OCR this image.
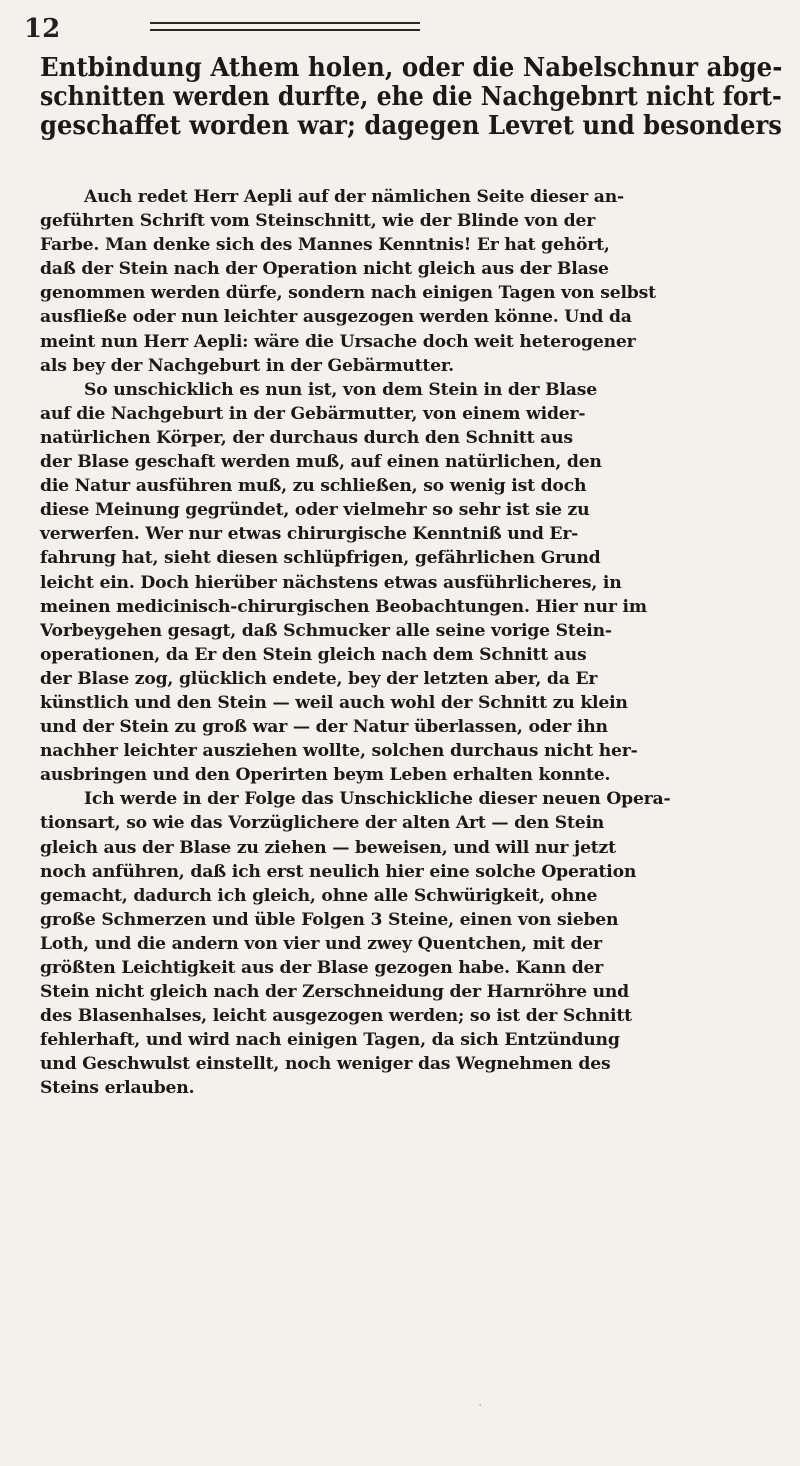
12
Entbindung Athem holen, oder die Nabelschnur abge-
schnitten werden durfte, ehe die Nachgebnrt nicht fort-
geschaffet worden war; dagegen Levret und besonders
Auch redet Herr Aepli auf der nämlichen Seite dieser an-
geführten Schrift vom Steinschnitt, wie der Blinde von der
Farbe. Man denke sich des Mannes Kenntnis! Er hat gehört,
daß der Stein nach der Operation nicht gleich aus der Blase
genommen werden dürfe, sondern nach einigen Tagen von selbst
ausfließe oder nun leichter ausgezogen werden könne. Und da
meint nun Herr Aepli: wäre die Ursache doch weit heterogener
als bey der Nachgeburt in der Gebärmutter.
So unschicklich es nun ist, von dem Stein in der Blase
auf die Nachgeburt in der Gebärmutter, von einem wider-
natürlichen Körper, der durchaus durch den Schnitt aus
der Blase geschaft werden muß, auf einen natürlichen, den
die Natur ausführen muß, zu schließen, so wenig ist doch
diese Meinung gegründet, oder vielmehr so sehr ist sie zu
verwerfen. Wer nur etwas chirurgische Kenntniß und Er-
fahrung hat, sieht diesen schlüpfrigen, gefährlichen Grund
leicht ein. Doch hierüber nächstens etwas ausführlicheres, in
meinen medicinisch-chirurgischen Beobachtungen. Hier nur im
Vorbeygehen gesagt, daß Schmucker alle seine vorige Stein-
operationen, da Er den Stein gleich nach dem Schnitt aus
der Blase zog, glücklich endete, bey der letzten aber, da Er
künstlich und den Stein — weil auch wohl der Schnitt zu klein
und der Stein zu groß war — der Natur überlassen, oder ihn
nachher leichter ausziehen wollte, solchen durchaus nicht her-
ausbringen und den Operirten beym Leben erhalten konnte.
Ich werde in der Folge das Unschickliche dieser neuen Opera-
tionsart, so wie das Vorzüglichere der alten Art — den Stein
gleich aus der Blase zu ziehen — beweisen, und will nur jetzt
noch anführen, daß ich erst neulich hier eine solche Operation
gemacht, dadurch ich gleich, ohne alle Schwürigkeit, ohne
große Schmerzen und üble Folgen 3 Steine, einen von sieben
Loth, und die andern von vier und zwey Quentchen, mit der
größten Leichtigkeit aus der Blase gezogen habe. Kann der
Stein nicht gleich nach der Zerschneidung der Harnröhre und
des Blasenhalses, leicht ausgezogen werden; so ist der Schnitt
fehlerhaft, und wird nach einigen Tagen, da sich Entzündung
und Geschwulst einstellt, noch weniger das Wegnehmen des
Steins erlauben.
·
